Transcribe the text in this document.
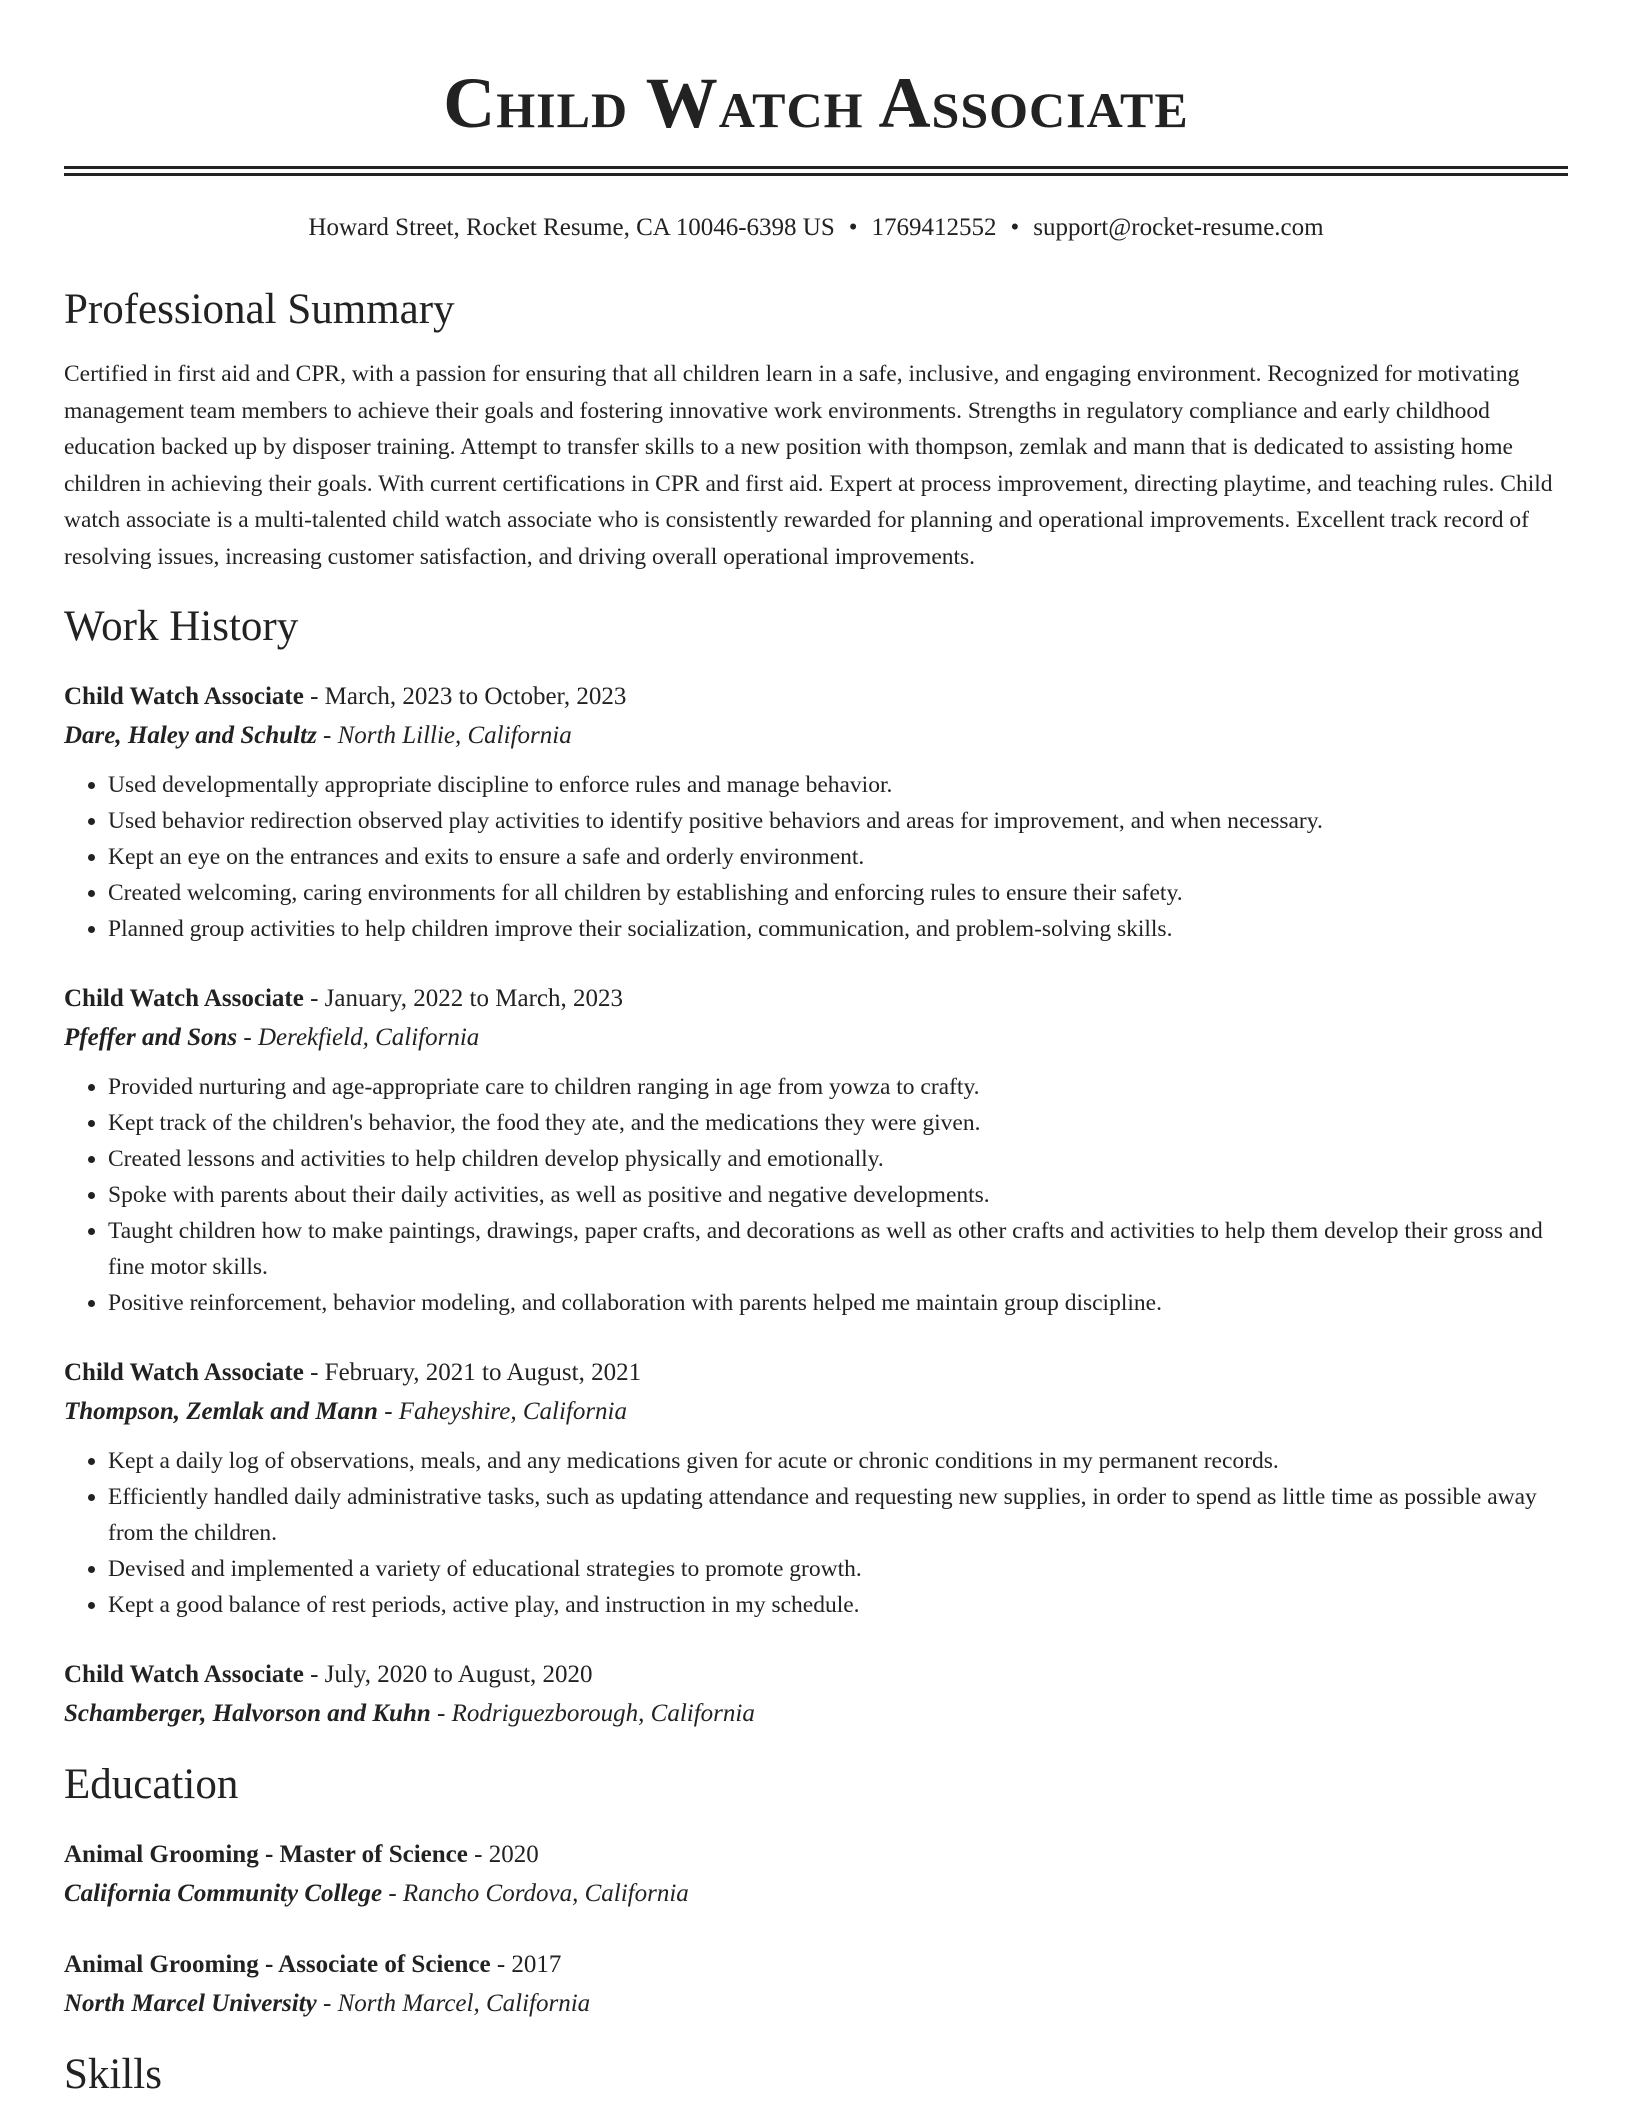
Child Watch Associate
Howard Street, Rocket Resume, CA 10046-6398 US • 1769412552 • support@rocket-resume.com
Professional Summary

Certified in first aid and CPR, with a passion for ensuring that all children learn in a safe, inclusive, and engaging environment. Recognized for motivating management team members to achieve their goals and fostering innovative work environments. Strengths in regulatory compliance and early childhood education backed up by disposer training. Attempt to transfer skills to a new position with thompson, zemlak and mann that is dedicated to assisting home children in achieving their goals. With current certifications in CPR and first aid. Expert at process improvement, directing playtime, and teaching rules. Child watch associate is a multi-talented child watch associate who is consistently rewarded for planning and operational improvements. Excellent track record of resolving issues, increasing customer satisfaction, and driving overall operational improvements.

Work History
Child Watch Associate - March, 2023 to October, 2023
Dare, Haley and Schultz - North Lillie, California
• Used developmentally appropriate discipline to enforce rules and manage behavior.
• Used behavior redirection observed play activities to identify positive behaviors and areas for improvement, and when necessary.
• Kept an eye on the entrances and exits to ensure a safe and orderly environment.
• Created welcoming, caring environments for all children by establishing and enforcing rules to ensure their safety.
• Planned group activities to help children improve their socialization, communication, and problem-solving skills.
Child Watch Associate - January, 2022 to March, 2023
Pfeffer and Sons - Derekfield, California
• Provided nurturing and age-appropriate care to children ranging in age from yowza to crafty.
• Kept track of the children's behavior, the food they ate, and the medications they were given.
• Created lessons and activities to help children develop physically and emotionally.
• Spoke with parents about their daily activities, as well as positive and negative developments.
• Taught children how to make paintings, drawings, paper crafts, and decorations as well as other crafts and activities to help them develop their gross and fine motor skills.
• Positive reinforcement, behavior modeling, and collaboration with parents helped me maintain group discipline.
Child Watch Associate - February, 2021 to August, 2021
Thompson, Zemlak and Mann - Faheyshire, California
• Kept a daily log of observations, meals, and any medications given for acute or chronic conditions in my permanent records.
• Efficiently handled daily administrative tasks, such as updating attendance and requesting new supplies, in order to spend as little time as possible away from the children.
• Devised and implemented a variety of educational strategies to promote growth.
• Kept a good balance of rest periods, active play, and instruction in my schedule.
Child Watch Associate - July, 2020 to August, 2020
Schamberger, Halvorson and Kuhn - Rodriguezborough, California
Education
Animal Grooming - Master of Science - 2020
California Community College - Rancho Cordova, California
Animal Grooming - Associate of Science - 2017
North Marcel University - North Marcel, California
Skills
